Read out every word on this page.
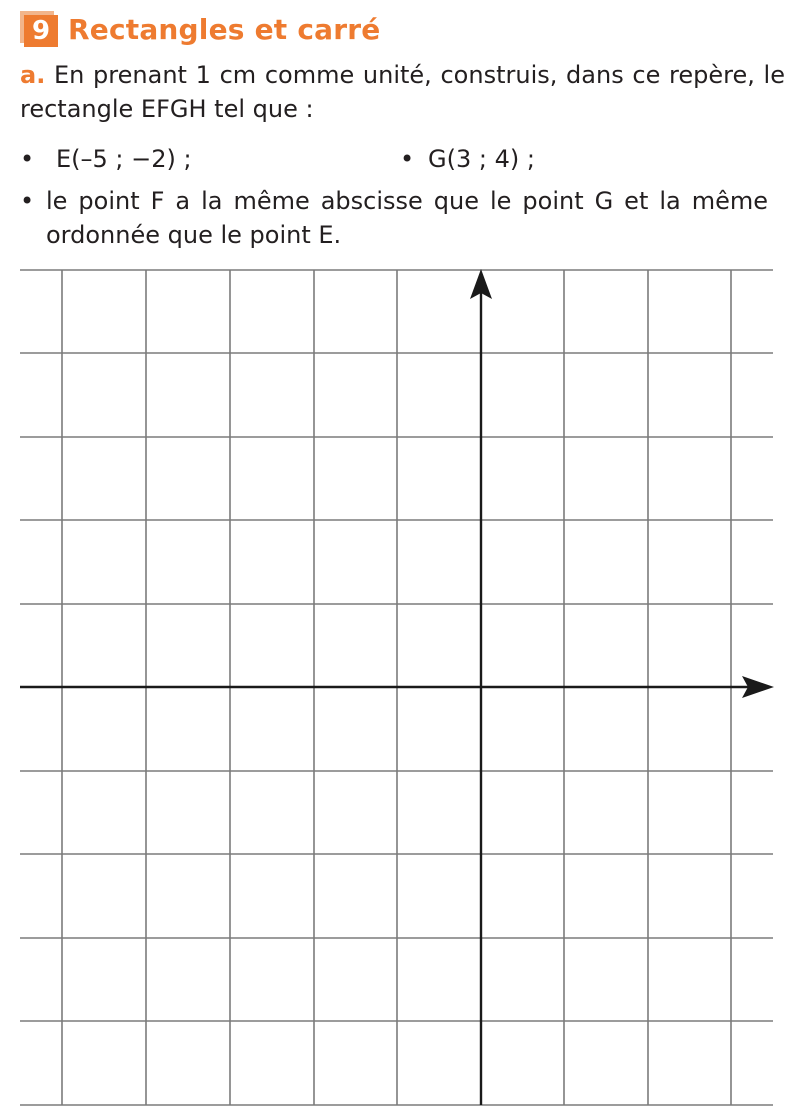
9 Rectangles et carré
a. En prenant 1 cm comme unité, construis, dans ce repère, le rectangle EFGH tel que :
• E(–5 ; −2) ;	• G(3 ; 4) ;
• le point F a la même abscisse que le point G et la même ordonnée que le point E.
